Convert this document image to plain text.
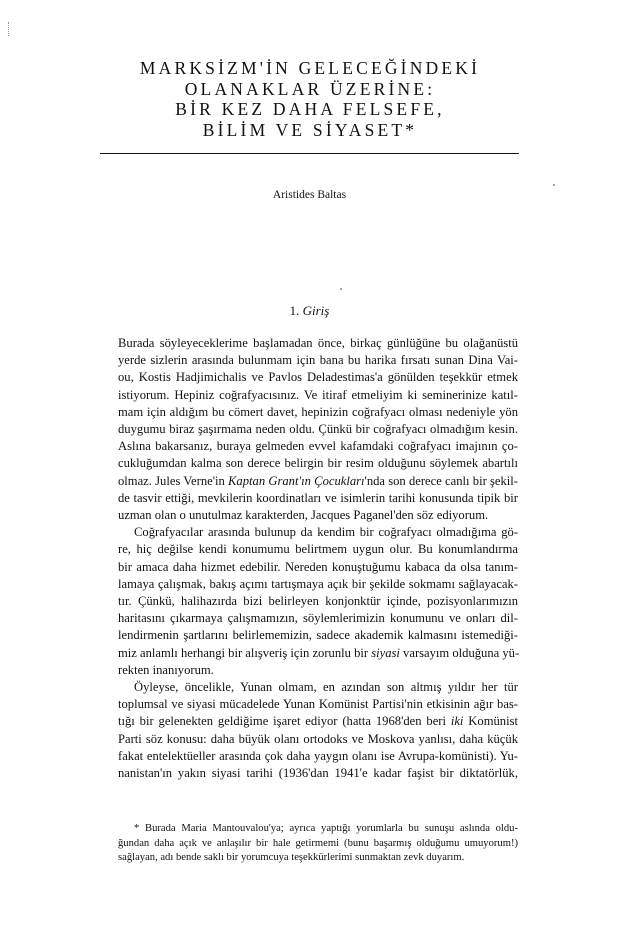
MARKSİZM'İN GELECEĞİNDEKİ
OLANAKLAR ÜZERİNE:
BİR KEZ DAHA FELSEFE,
BİLİM VE SİYASET*
Aristides Baltas
1. Giriş
Burada söyleyeceklerime başlamadan önce, birkaç günlüğüne bu olağanüstü
yerde sizlerin arasında bulunmam için bana bu harika fırsatı sunan Dina Vai-
ou, Kostis Hadjimichalis ve Pavlos Deladestimas'a gönülden teşekkür etmek
istiyorum. Hepiniz coğrafyacısınız. Ve itiraf etmeliyim ki seminerinize katıl-
mam için aldığım bu cömert davet, hepinizin coğrafyacı olması nedeniyle yön
duygumu biraz şaşırmama neden oldu. Çünkü bir coğrafyacı olmadığım kesin.
Aslına bakarsanız, buraya gelmeden evvel kafamdaki coğrafyacı imajının ço-
cukluğumdan kalma son derece belirgin bir resim olduğunu söylemek abartılı
olmaz. Jules Verne'in Kaptan Grant'ın Çocukları'nda son derece canlı bir şekil-
de tasvir ettiği, mevkilerin koordinatları ve isimlerin tarihi konusunda tipik bir
uzman olan o unutulmaz karakterden, Jacques Paganel'den söz ediyorum.
Coğrafyacılar arasında bulunup da kendim bir coğrafyacı olmadığıma gö-
re, hiç değilse kendi konumumu belirtmem uygun olur. Bu konumlandırma
bir amaca daha hizmet edebilir. Nereden konuştuğumu kabaca da olsa tanım-
lamaya çalışmak, bakış açımı tartışmaya açık bir şekilde sokmamı sağlayacak-
tır. Çünkü, halihazırda bizi belirleyen konjonktür içinde, pozisyonlarımızın
haritasını çıkarmaya çalışmamızın, söylemlerimizin konumunu ve onları dil-
lendirmenin şartlarını belirlememizin, sadece akademik kalmasını istemediği-
miz anlamlı herhangi bir alışveriş için zorunlu bir siyasi varsayım olduğuna yü-
rekten inanıyorum.
Öyleyse, öncelikle, Yunan olmam, en azından son altmış yıldır her tür
toplumsal ve siyasi mücadelede Yunan Komünist Partisi'nin etkisinin ağır bas-
tığı bir gelenekten geldiğime işaret ediyor (hatta 1968'den beri iki Komünist
Parti söz konusu: daha büyük olanı ortodoks ve Moskova yanlısı, daha küçük
fakat entelektüeller arasında çok daha yaygın olanı ise Avrupa-komünisti). Yu-
nanistan'ın yakın siyasi tarihi (1936'dan 1941'e kadar faşist bir diktatörlük,
* Burada Maria Mantouvalou'ya; ayrıca yaptığı yorumlarla bu sunuşu aslında oldu-
ğundan daha açık ve anlaşılır bir hale getirmemi (bunu başarmış olduğumu umuyorum!)
sağlayan, adı bende saklı bir yorumcuya teşekkürlerimi sunmaktan zevk duyarım.
